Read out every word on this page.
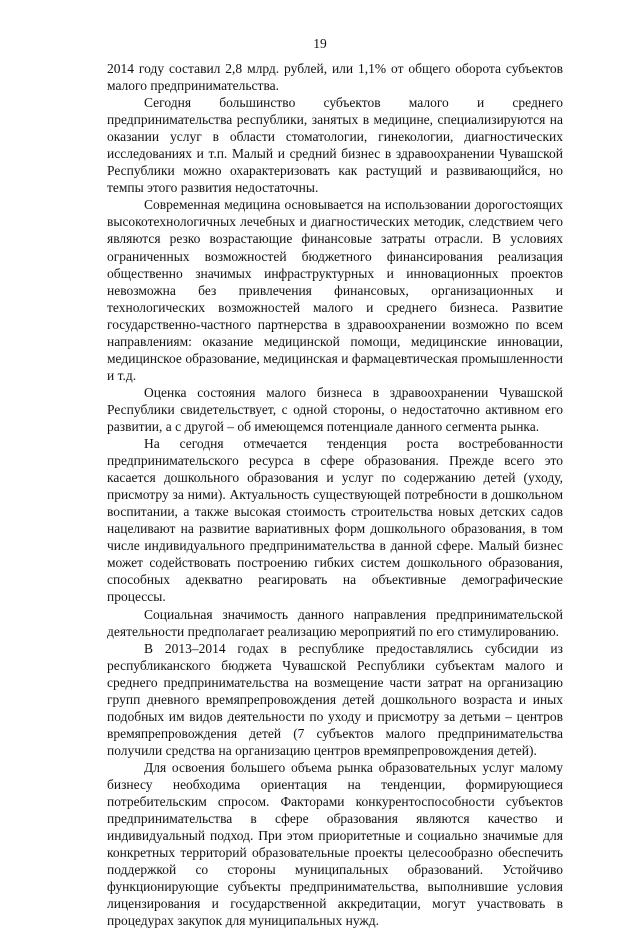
19

2014 году составил 2,8 млрд. рублей, или 1,1% от общего оборота субъектов малого предпринимательства.

Сегодня большинство субъектов малого и среднего предпринимательства республики, занятых в медицине, специализируются на оказании услуг в области стоматологии, гинекологии, диагностических исследованиях и т.п. Малый и средний бизнес в здравоохранении Чувашской Республики можно охарактеризовать как растущий и развивающийся, но темпы этого развития недостаточны.

Современная медицина основывается на использовании дорогостоящих высокотехнологичных лечебных и диагностических методик, следствием чего являются резко возрастающие финансовые затраты отрасли. В условиях ограниченных возможностей бюджетного финансирования реализация общественно значимых инфраструктурных и инновационных проектов невозможна без привлечения финансовых, организационных и технологических возможностей малого и среднего бизнеса. Развитие государственно-частного партнерства в здравоохранении возможно по всем направлениям: оказание медицинской помощи, медицинские инновации, медицинское образование, медицинская и фармацевтическая промышленности и т.д.

Оценка состояния малого бизнеса в здравоохранении Чувашской Республики свидетельствует, с одной стороны, о недостаточно активном его развитии, а с другой – об имеющемся потенциале данного сегмента рынка.

На сегодня отмечается тенденция роста востребованности предпринимательского ресурса в сфере образования. Прежде всего это касается дошкольного образования и услуг по содержанию детей (уходу, присмотру за ними). Актуальность существующей потребности в дошкольном воспитании, а также высокая стоимость строительства новых детских садов нацеливают на развитие вариативных форм дошкольного образования, в том числе индивидуального предпринимательства в данной сфере. Малый бизнес может содействовать построению гибких систем дошкольного образования, способных адекватно реагировать на объективные демографические процессы.

Социальная значимость данного направления предпринимательской деятельности предполагает реализацию мероприятий по его стимулированию.

В 2013–2014 годах в республике предоставлялись субсидии из республиканского бюджета Чувашской Республики субъектам малого и среднего предпринимательства на возмещение части затрат на организацию групп дневного времяпрепровождения детей дошкольного возраста и иных подобных им видов деятельности по уходу и присмотру за детьми – центров времяпрепровождения детей (7 субъектов малого предпринимательства получили средства на организацию центров времяпрепровождения детей).

Для освоения большего объема рынка образовательных услуг малому бизнесу необходима ориентация на тенденции, формирующиеся потребительским спросом. Факторами конкурентоспособности субъектов предпринимательства в сфере образования являются качество и индивидуальный подход. При этом приоритетные и социально значимые для конкретных территорий образовательные проекты целесообразно обеспечить поддержкой со стороны муниципальных образований. Устойчиво функционирующие субъекты предпринимательства, выполнившие условия лицензирования и государственной аккредитации, могут участвовать в процедурах закупок для муниципальных нужд.
